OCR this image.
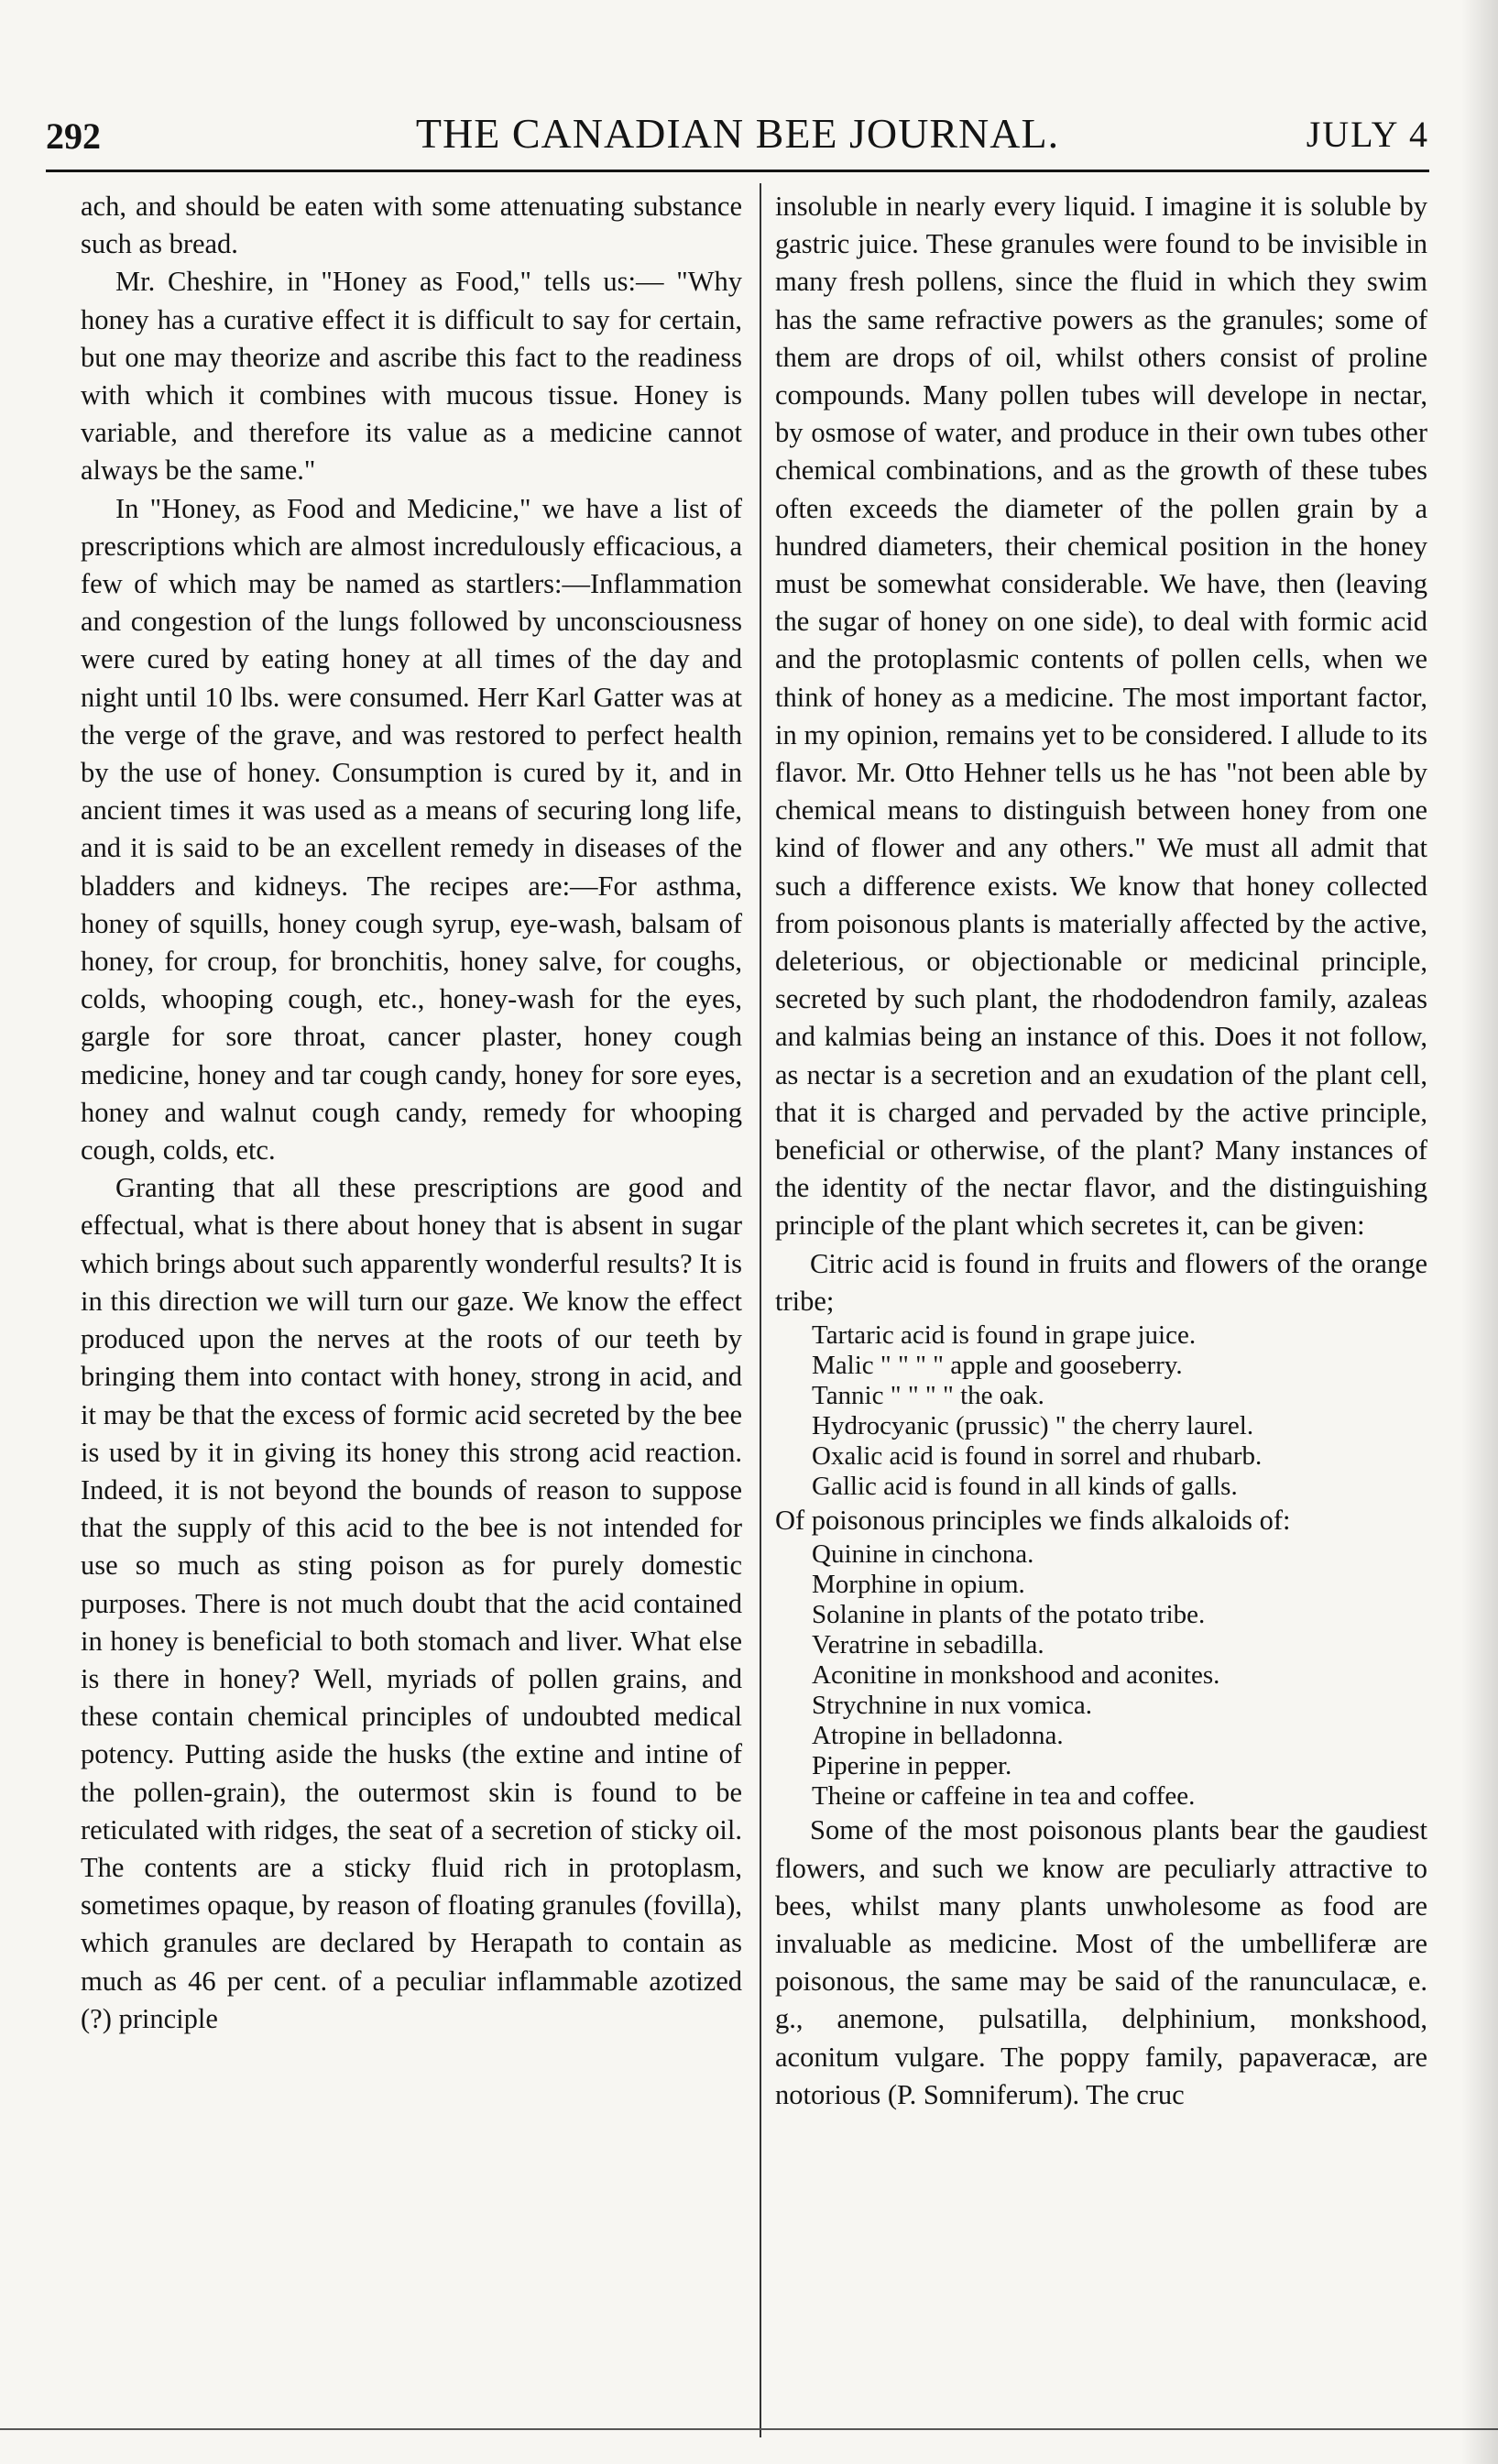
292	THE CANADIAN BEE JOURNAL.	JULY 4

ach, and should be eaten with some attenuating substance such as bread.

Mr. Cheshire, in "Honey as Food," tells us:— "Why honey has a curative effect it is difficult to say for certain, but one may theorize and ascribe this fact to the readiness with which it combines with mucous tissue. Honey is variable, and therefore its value as a medicine cannot always be the same."

In "Honey, as Food and Medicine," we have a list of prescriptions which are almost incredulously efficacious, a few of which may be named as startlers:—Inflammation and congestion of the lungs followed by unconsciousness were cured by eating honey at all times of the day and night until 10 lbs. were consumed. Herr Karl Gatter was at the verge of the grave, and was restored to perfect health by the use of honey. Consumption is cured by it, and in ancient times it was used as a means of securing long life, and it is said to be an excellent remedy in diseases of the bladders and kidneys. The recipes are:—For asthma, honey of squills, honey cough syrup, eye-wash, balsam of honey, for croup, for bronchitis, honey salve, for coughs, colds, whooping cough, etc., honey-wash for the eyes, gargle for sore throat, cancer plaster, honey cough medicine, honey and tar cough candy, honey for sore eyes, honey and walnut cough candy, remedy for whooping cough, colds, etc.

Granting that all these prescriptions are good and effectual, what is there about honey that is absent in sugar which brings about such apparently wonderful results? It is in this direction we will turn our gaze. We know the effect produced upon the nerves at the roots of our teeth by bringing them into contact with honey, strong in acid, and it may be that the excess of formic acid secreted by the bee is used by it in giving its honey this strong acid reaction. Indeed, it is not beyond the bounds of reason to suppose that the supply of this acid to the bee is not intended for use so much as sting poison as for purely domestic purposes. There is not much doubt that the acid contained in honey is beneficial to both stomach and liver. What else is there in honey? Well, myriads of pollen grains, and these contain chemical principles of undoubted medical potency. Putting aside the husks (the extine and intine of the pollen-grain), the outermost skin is found to be reticulated with ridges, the seat of a secretion of sticky oil. The contents are a sticky fluid rich in protoplasm, sometimes opaque, by reason of floating granules (fovilla), which granules are declared by Herapath to contain as much as 46 per cent. of a peculiar inflammable azotized (?) principle

insoluble in nearly every liquid. I imagine it is soluble by gastric juice. These granules were found to be invisible in many fresh pollens, since the fluid in which they swim has the same refractive powers as the granules; some of them are drops of oil, whilst others consist of proline compounds. Many pollen tubes will develope in nectar, by osmose of water, and produce in their own tubes other chemical combinations, and as the growth of these tubes often exceeds the diameter of the pollen grain by a hundred diameters, their chemical position in the honey must be somewhat considerable. We have, then (leaving the sugar of honey on one side), to deal with formic acid and the protoplasmic contents of pollen cells, when we think of honey as a medicine. The most important factor, in my opinion, remains yet to be considered. I allude to its flavor. Mr. Otto Hehner tells us he has "not been able by chemical means to distinguish between honey from one kind of flower and any others." We must all admit that such a difference exists. We know that honey collected from poisonous plants is materially affected by the active, deleterious, or objectionable or medicinal principle, secreted by such plant, the rhododendron family, azaleas and kalmias being an instance of this. Does it not follow, as nectar is a secretion and an exudation of the plant cell, that it is charged and pervaded by the active principle, beneficial or otherwise, of the plant? Many instances of the identity of the nectar flavor, and the distinguishing principle of the plant which secretes it, can be given:

Citric acid is found in fruits and flowers of the orange tribe;

Tartaric acid is found in grape juice.
Malic " " " " apple and gooseberry.
Tannic " " " " the oak.
Hydrocyanic (prussic) " the cherry laurel.
Oxalic acid is found in sorrel and rhubarb.
Gallic acid is found in all kinds of galls.

Of poisonous principles we finds alkaloids of:

Quinine in cinchona.
Morphine in opium.
Solanine in plants of the potato tribe.
Veratrine in sebadilla.
Aconitine in monkshood and aconites.
Strychnine in nux vomica.
Atropine in belladonna.
Piperine in pepper.
Theine or caffeine in tea and coffee.

Some of the most poisonous plants bear the gaudiest flowers, and such we know are peculiarly attractive to bees, whilst many plants unwholesome as food are invaluable as medicine. Most of the umbelliferæ are poisonous, the same may be said of the ranunculacæ, e. g., anemone, pulsatilla, delphinium, monkshood, aconitum vulgare. The poppy family, papaveracæ, are notorious (P. Somniferum). The cruc
